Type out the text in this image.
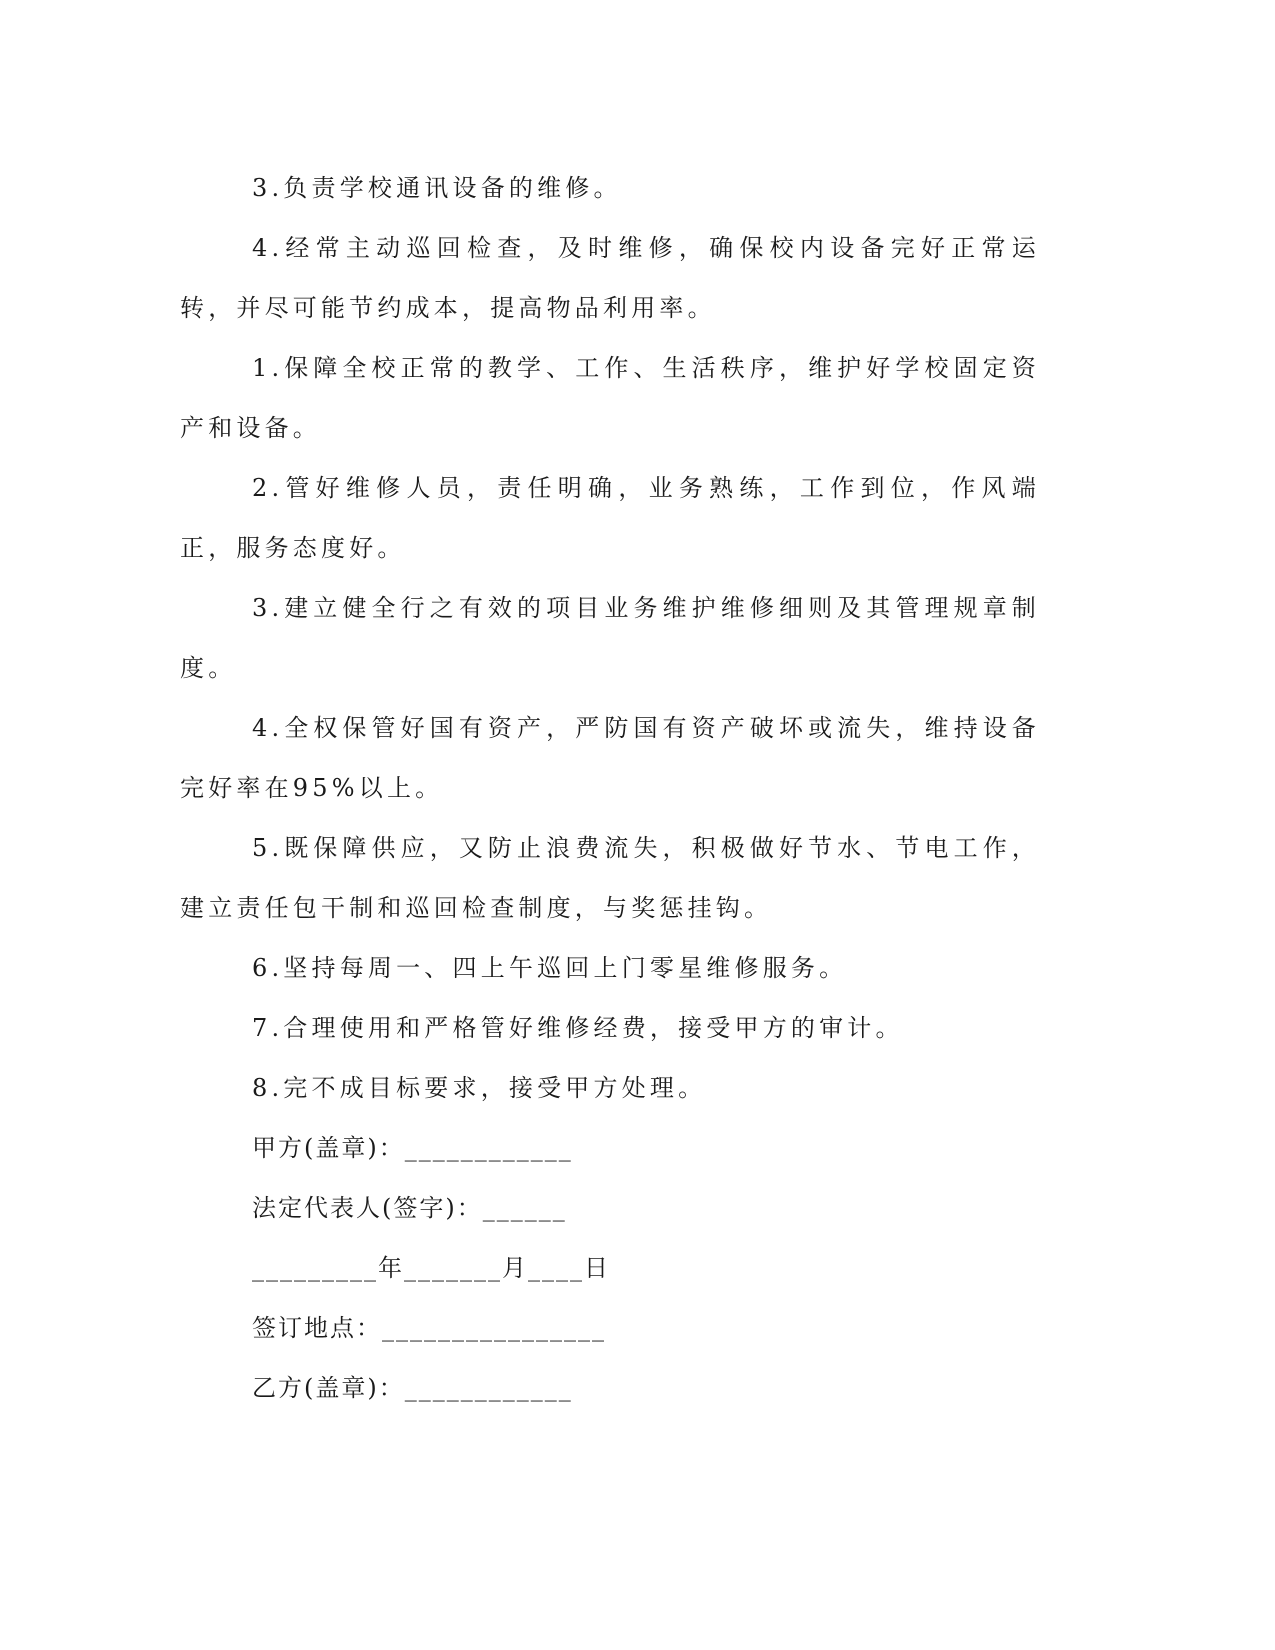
3.负责学校通讯设备的维修。

4.经常主动巡回检查，及时维修，确保校内设备完好正常运转，并尽可能节约成本，提高物品利用率。

1.保障全校正常的教学、工作、生活秩序，维护好学校固定资产和设备。

2.管好维修人员，责任明确，业务熟练，工作到位，作风端正，服务态度好。

3.建立健全行之有效的项目业务维护维修细则及其管理规章制度。

4.全权保管好国有资产，严防国有资产破坏或流失，维持设备完好率在95%以上。

5.既保障供应，又防止浪费流失，积极做好节水、节电工作，建立责任包干制和巡回检查制度，与奖惩挂钩。

6.坚持每周一、四上午巡回上门零星维修服务。

7.合理使用和严格管好维修经费，接受甲方的审计。

8.完不成目标要求，接受甲方处理。

甲方(盖章)：____________

法定代表人(签字)：______

_________年_______月____日

签订地点：________________

乙方(盖章)：____________
